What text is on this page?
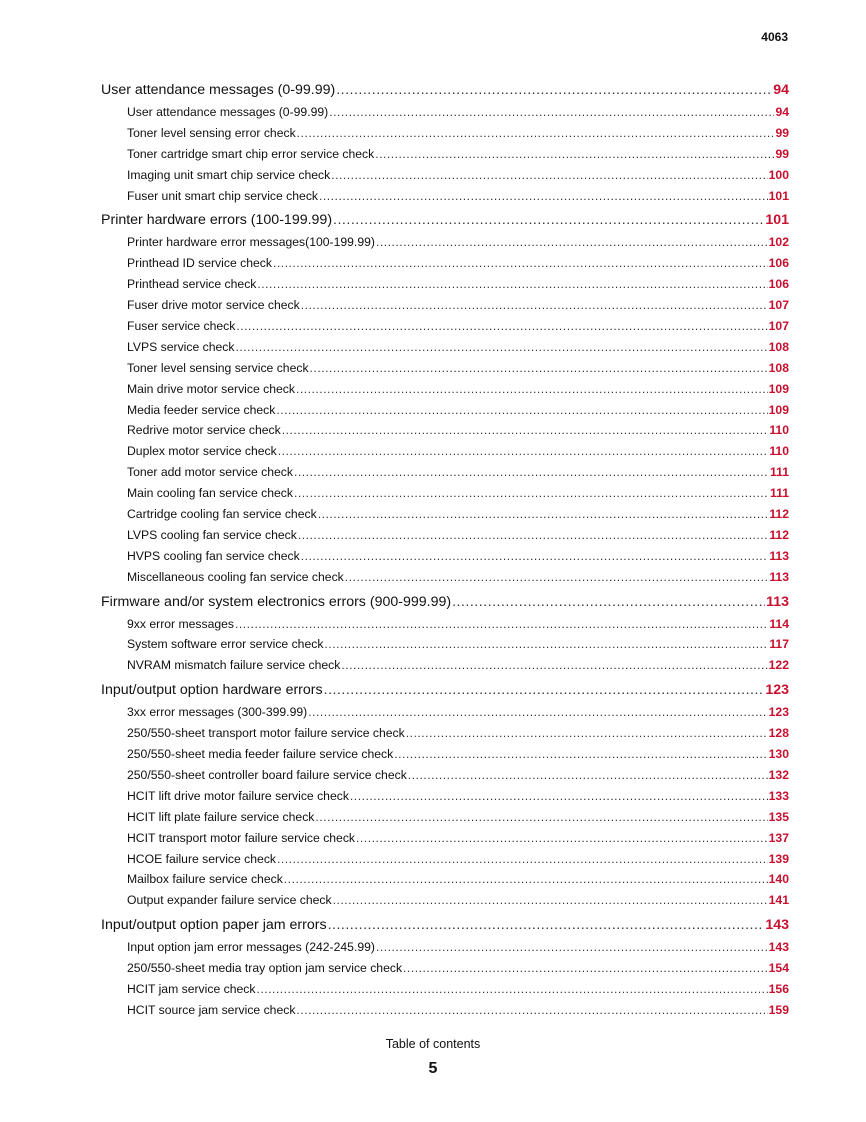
4063
User attendance messages (0-99.99) .....	94
User attendance messages (0-99.99) .....	94
Toner level sensing error check .....	99
Toner cartridge smart chip error service check .....	99
Imaging unit smart chip service check .....	100
Fuser unit smart chip service check .....	101
Printer hardware errors (100-199.99) .....	101
Printer hardware error messages(100-199.99) .....	102
Printhead ID service check .....	106
Printhead service check .....	106
Fuser drive motor service check .....	107
Fuser service check .....	107
LVPS service check .....	108
Toner level sensing service check .....	108
Main drive motor service check .....	109
Media feeder service check .....	109
Redrive motor service check .....	110
Duplex motor service check .....	110
Toner add motor service check .....	111
Main cooling fan service check .....	111
Cartridge cooling fan service check .....	112
LVPS cooling fan service check .....	112
HVPS cooling fan service check .....	113
Miscellaneous cooling fan service check .....	113
Firmware and/or system electronics errors (900-999.99) .....	113
9xx error messages .....	114
System software error service check .....	117
NVRAM mismatch failure service check .....	122
Input/output option hardware errors .....	123
3xx error messages (300-399.99) .....	123
250/550-sheet transport motor failure service check .....	128
250/550-sheet media feeder failure service check .....	130
250/550-sheet controller board failure service check .....	132
HCIT lift drive motor failure service check .....	133
HCIT lift plate failure service check .....	135
HCIT transport motor failure service check .....	137
HCOE failure service check .....	139
Mailbox failure service check .....	140
Output expander failure service check .....	141
Input/output option paper jam errors .....	143
Input option jam error messages (242-245.99) .....	143
250/550-sheet media tray option jam service check .....	154
HCIT jam service check .....	156
HCIT source jam service check .....	159
Table of contents
5
